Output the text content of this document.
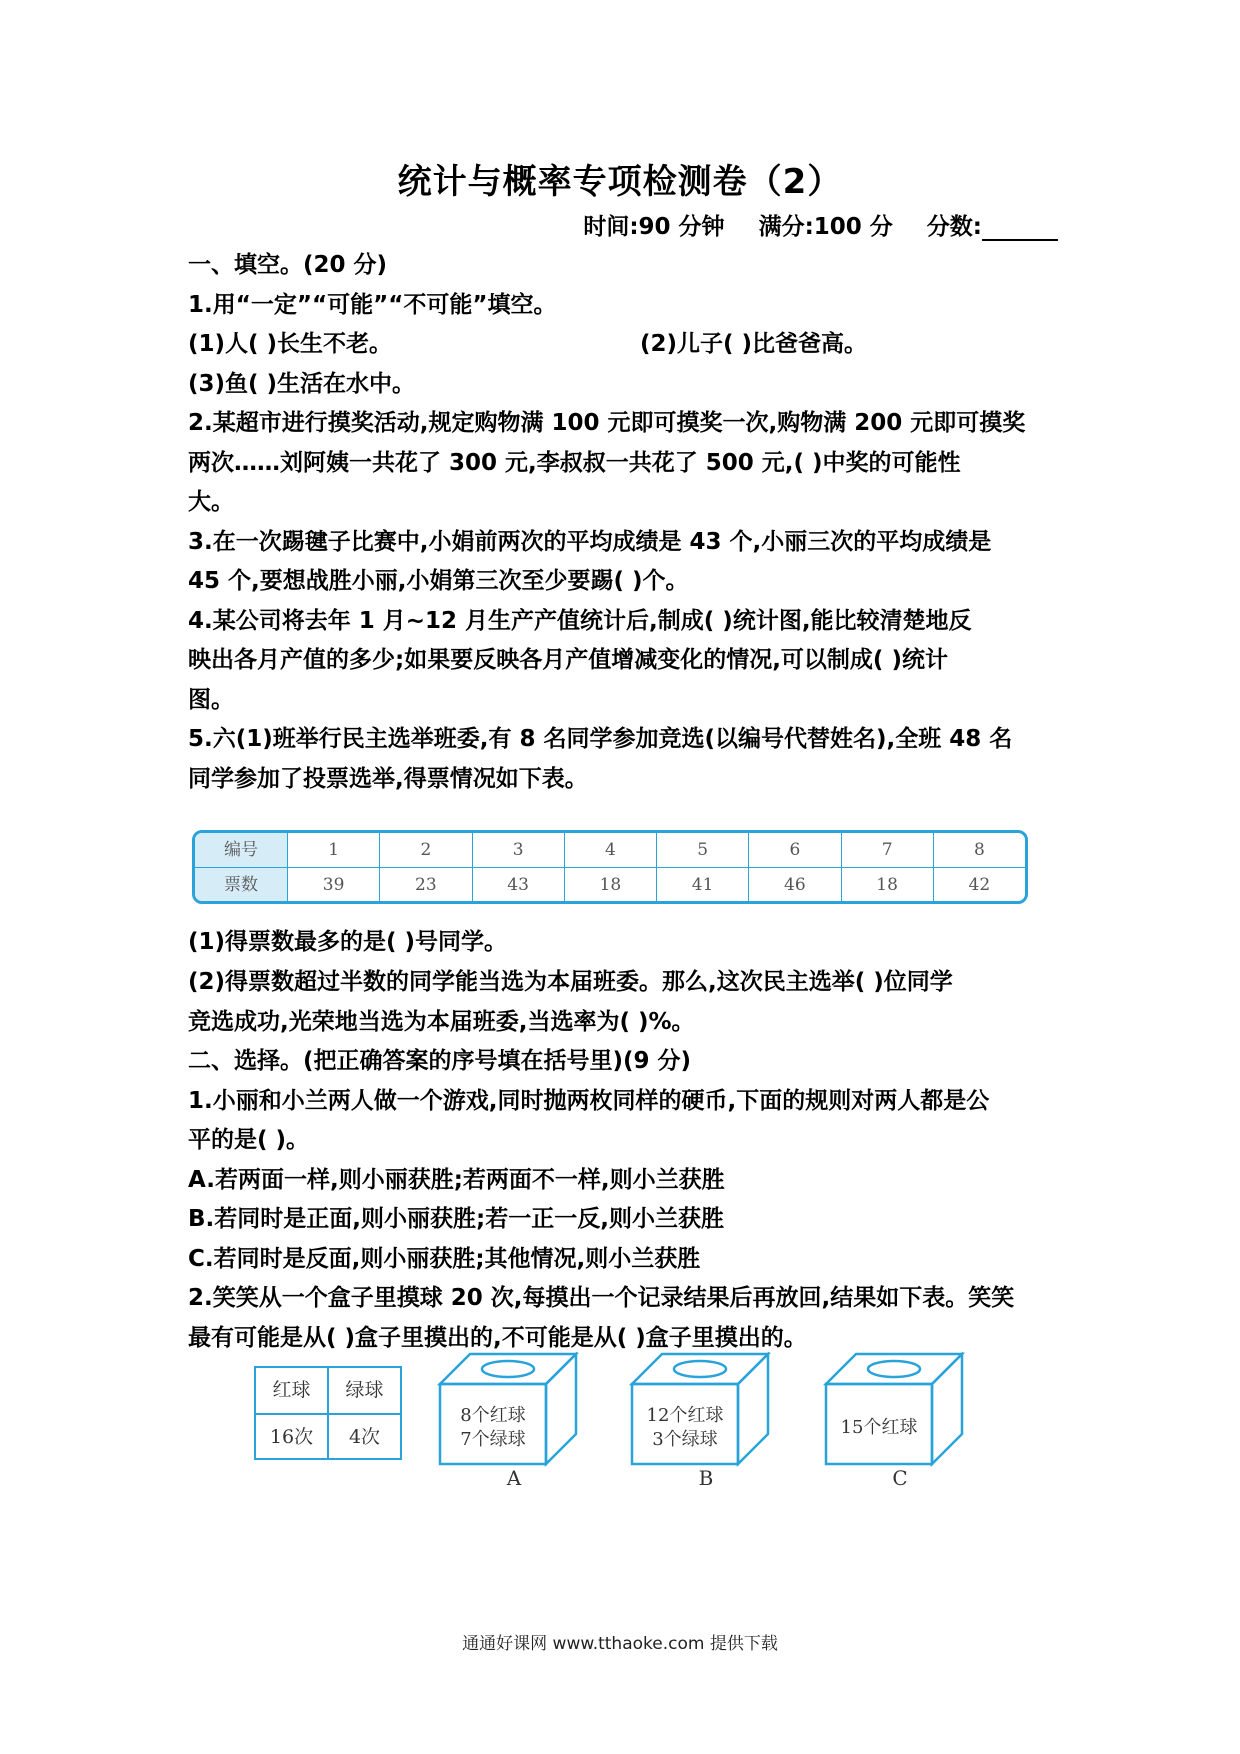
统计与概率专项检测卷（2）
时间:90 分钟 满分:100 分 分数:
一、填空。(20 分)
1.用“一定”“可能”“不可能”填空。
(1)人( )长生不老。	(2)儿子( )比爸爸高。
(3)鱼( )生活在水中。
2.某超市进行摸奖活动,规定购物满 100 元即可摸奖一次,购物满 200 元即可摸奖
两次……刘阿姨一共花了 300 元,李叔叔一共花了 500 元,( )中奖的可能性
大。
3.在一次踢毽子比赛中,小娟前两次的平均成绩是 43 个,小丽三次的平均成绩是
45 个,要想战胜小丽,小娟第三次至少要踢( )个。
4.某公司将去年 1 月~12 月生产产值统计后,制成( )统计图,能比较清楚地反
映出各月产值的多少;如果要反映各月产值增减变化的情况,可以制成( )统计
图。
5.六(1)班举行民主选举班委,有 8 名同学参加竞选(以编号代替姓名),全班 48 名
同学参加了投票选举,得票情况如下表。
编号	1	2	3	4	5	6	7	8
票数	39	23	43	18	41	46	18	42
(1)得票数最多的是( )号同学。
(2)得票数超过半数的同学能当选为本届班委。那么,这次民主选举( )位同学
竞选成功,光荣地当选为本届班委,当选率为( )%。
二、选择。(把正确答案的序号填在括号里)(9 分)
1.小丽和小兰两人做一个游戏,同时抛两枚同样的硬币,下面的规则对两人都是公
平的是( )。
A.若两面一样,则小丽获胜;若两面不一样,则小兰获胜
B.若同时是正面,则小丽获胜;若一正一反,则小兰获胜
C.若同时是反面,则小丽获胜;其他情况,则小兰获胜
2.笑笑从一个盒子里摸球 20 次,每摸出一个记录结果后再放回,结果如下表。笑笑
最有可能是从( )盒子里摸出的,不可能是从( )盒子里摸出的。
红球	绿球
16次	4次
8个红球
7个绿球
12个红球
3个绿球
15个红球
A	B	C
通通好课网 www.tthaoke.com 提供下载
